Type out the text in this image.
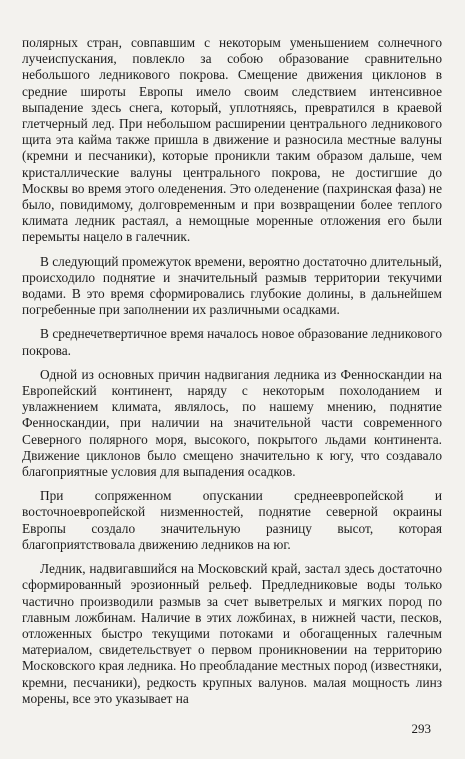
полярных стран, совпавшим с некоторым уменьшением солнечного лучеиспускания, повлекло за собою образование сравнительно небольшого ледникового покрова. Смещение движения циклонов в средние широты Европы имело своим следствием интенсивное выпадение здесь снега, который, уплотняясь, превратился в краевой глетчерный лед. При небольшом расширении центрального ледникового щита эта кайма также пришла в движение и разносила местные валуны (кремни и песчаники), которые проникли таким образом дальше, чем кристаллические валуны центрального покрова, не достигшие до Москвы во время этого оледенения. Это оледенение (пахринская фаза) не было, повидимому, долговременным и при возвращении более теплого климата ледник растаял, а немощные моренные отложения его были перемыты нацело в галечник.

В следующий промежуток времени, вероятно достаточно длительный, происходило поднятие и значительный размыв территории текучими водами. В это время сформировались глубокие долины, в дальнейшем погребенные при заполнении их различными осадками.

В среднечетвертичное время началось новое образование ледникового покрова.

Одной из основных причин надвигания ледника из Фенноскандии на Европейский континент, наряду с некоторым похолоданием и увлажнением климата, являлось, по нашему мнению, поднятие Фенноскандии, при наличии на значительной части современного Северного полярного моря, высокого, покрытого льдами континента. Движение циклонов было смещено значительно к югу, что создавало благоприятные условия для выпадения осадков.

При сопряженном опускании среднеевропейской и восточноевропейской низменностей, поднятие северной окраины Европы создало значительную разницу высот, которая благоприятствовала движению ледников на юг.

Ледник, надвигавшийся на Московский край, застал здесь достаточно сформированный эрозионный рельеф. Предледниковые воды только частично производили размыв за счет выветрелых и мягких пород по главным ложбинам. Наличие в этих ложбинах, в нижней части, песков, отложенных быстро текущими потоками и обогащенных галечным материалом, свидетельствует о первом проникновении на территорию Московского края ледника. Но преобладание местных пород (известняки, кремни, песчаники), редкость крупных валунов. малая мощность линз морены, все это указывает на

293
